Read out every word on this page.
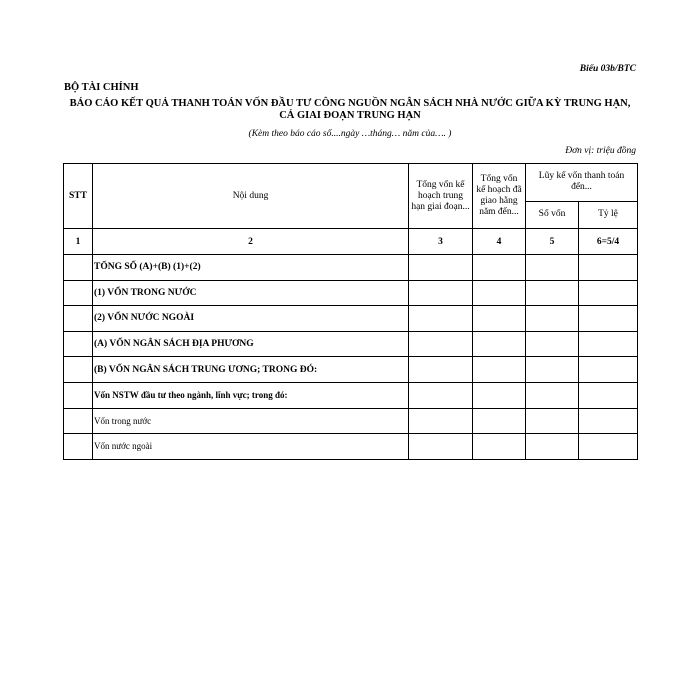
Biểu 03b/BTC
BỘ TÀI CHÍNH
BÁO CÁO KẾT QUẢ THANH TOÁN VỐN ĐẦU TƯ CÔNG NGUỒN NGÂN SÁCH NHÀ NƯỚC GIỮA KỲ TRUNG HẠN,
CẢ GIAI ĐOẠN TRUNG HẠN
(Kèm theo báo cáo số....ngày …tháng… năm của…. )
Đơn vị: triệu đồng
STT	Nội dung	Tổng vốn kế hoạch trung hạn giai đoạn...	Tổng vốn kế hoạch đã giao hằng năm đến...	Lũy kế vốn thanh toán đến...	
				Số vốn	Tỷ lệ
1	2	3	4	5	6=5/4
	TỔNG SỐ (A)+(B) (1)+(2)				
	(1) VỐN TRONG NƯỚC				
	(2) VỐN NƯỚC NGOÀI				
	(A) VỐN NGÂN SÁCH ĐỊA PHƯƠNG				
	(B) VỐN NGÂN SÁCH TRUNG ƯƠNG; TRONG ĐÓ:				
	Vốn NSTW đầu tư theo ngành, lĩnh vực; trong đó:				
	Vốn trong nước				
	Vốn nước ngoài				
